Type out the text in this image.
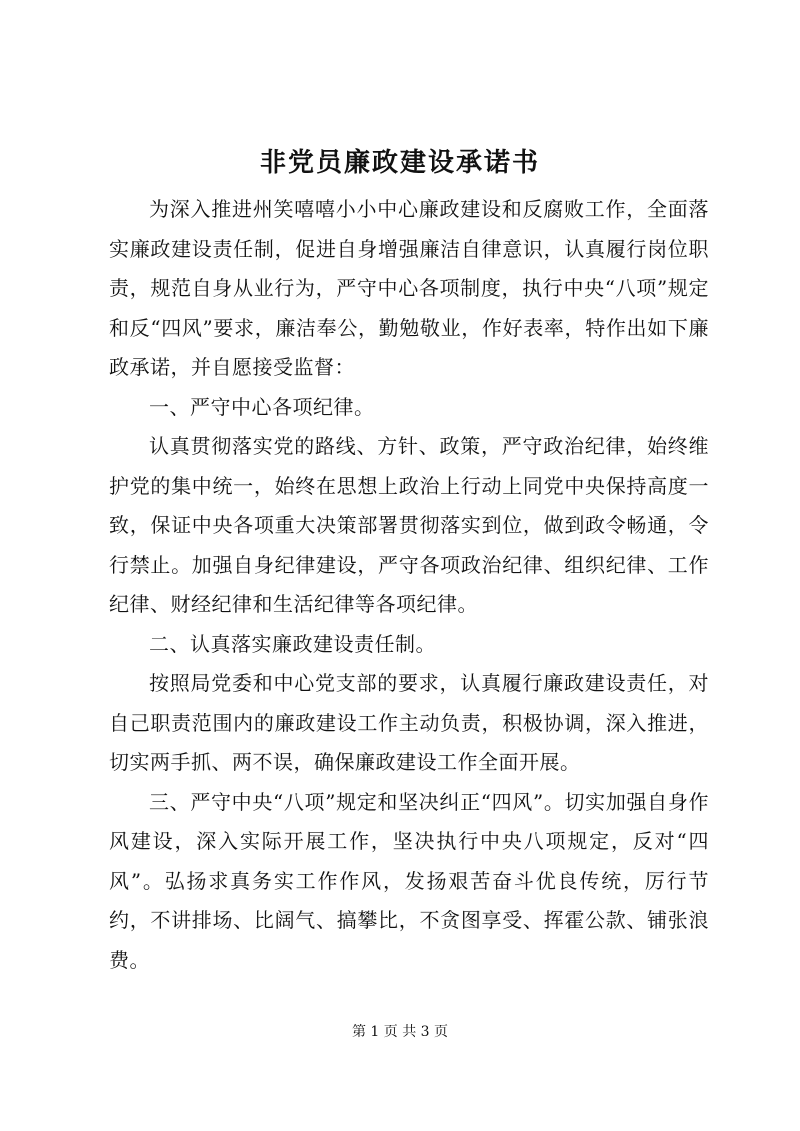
非党员廉政建设承诺书

为深入推进州笑嘻嘻小小中心廉政建设和反腐败工作，全面落实廉政建设责任制，促进自身增强廉洁自律意识，认真履行岗位职责，规范自身从业行为，严守中心各项制度，执行中央“八项”规定和反“四风”要求，廉洁奉公，勤勉敬业，作好表率，特作出如下廉政承诺，并自愿接受监督：

一、严守中心各项纪律。

认真贯彻落实党的路线、方针、政策，严守政治纪律，始终维护党的集中统一，始终在思想上政治上行动上同党中央保持高度一致，保证中央各项重大决策部署贯彻落实到位，做到政令畅通，令行禁止。加强自身纪律建设，严守各项政治纪律、组织纪律、工作纪律、财经纪律和生活纪律等各项纪律。

二、认真落实廉政建设责任制。

按照局党委和中心党支部的要求，认真履行廉政建设责任，对自己职责范围内的廉政建设工作主动负责，积极协调，深入推进，切实两手抓、两不误，确保廉政建设工作全面开展。

三、严守中央“八项”规定和坚决纠正“四风”。切实加强自身作风建设，深入实际开展工作，坚决执行中央八项规定，反对“四风”。弘扬求真务实工作作风，发扬艰苦奋斗优良传统，厉行节约，不讲排场、比阔气、搞攀比，不贪图享受、挥霍公款、铺张浪费。

第 1 页 共 3 页
